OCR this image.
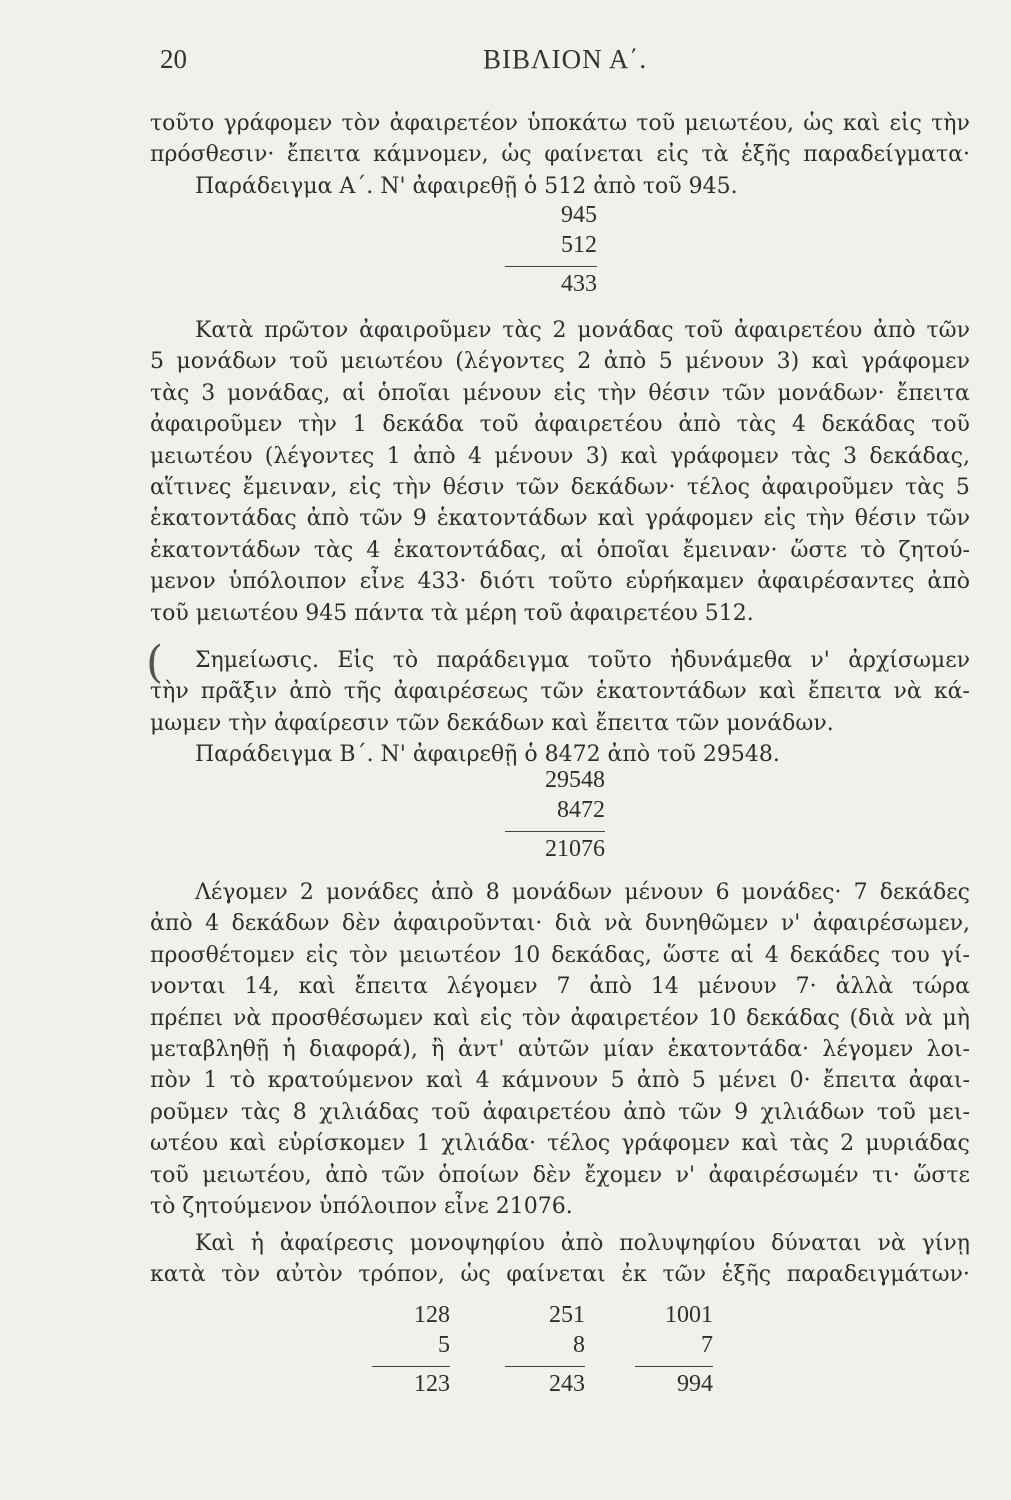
20	ΒΙΒΛΙΟΝ Α΄.
τοῦτο γράφομεν τὸν ἀφαιρετέον ὑποκάτω τοῦ μειωτέου, ὡς καὶ εἰς τὴν
πρόσθεσιν· ἔπειτα κάμνομεν, ὡς φαίνεται εἰς τὰ ἑξῆς παραδείγματα·
Παράδειγμα Α΄. Ν' ἀφαιρεθῇ ὁ 512 ἀπὸ τοῦ 945.
945
512
433
Κατὰ πρῶτον ἀφαιροῦμεν τὰς 2 μονάδας τοῦ ἀφαιρετέου ἀπὸ τῶν
5 μονάδων τοῦ μειωτέου (λέγοντες 2 ἀπὸ 5 μένουν 3) καὶ γράφομεν
τὰς 3 μονάδας, αἱ ὁποῖαι μένουν εἰς τὴν θέσιν τῶν μονάδων· ἔπειτα
ἀφαιροῦμεν τὴν 1 δεκάδα τοῦ ἀφαιρετέου ἀπὸ τὰς 4 δεκάδας τοῦ
μειωτέου (λέγοντες 1 ἀπὸ 4 μένουν 3) καὶ γράφομεν τὰς 3 δεκάδας,
αἵτινες ἔμειναν, εἰς τὴν θέσιν τῶν δεκάδων· τέλος ἀφαιροῦμεν τὰς 5
ἑκατοντάδας ἀπὸ τῶν 9 ἑκατοντάδων καὶ γράφομεν εἰς τὴν θέσιν τῶν
ἑκατοντάδων τὰς 4 ἑκατοντάδας, αἱ ὁποῖαι ἔμειναν· ὥστε τὸ ζητού-
μενον ὑπόλοιπον εἶνε 433· διότι τοῦτο εὑρήκαμεν ἀφαιρέσαντες ἀπὸ
τοῦ μειωτέου 945 πάντα τὰ μέρη τοῦ ἀφαιρετέου 512.
( Σημείωσις. Εἰς τὸ παράδειγμα τοῦτο ἠδυνάμεθα ν' ἀρχίσωμεν
τὴν πρᾶξιν ἀπὸ τῆς ἀφαιρέσεως τῶν ἑκατοντάδων καὶ ἔπειτα νὰ κά-
μωμεν τὴν ἀφαίρεσιν τῶν δεκάδων καὶ ἔπειτα τῶν μονάδων.
Παράδειγμα Β΄. Ν' ἀφαιρεθῇ ὁ 8472 ἀπὸ τοῦ 29548.
29548
8472
21076
Λέγομεν 2 μονάδες ἀπὸ 8 μονάδων μένουν 6 μονάδες· 7 δεκάδες
ἀπὸ 4 δεκάδων δὲν ἀφαιροῦνται· διὰ νὰ δυνηθῶμεν ν' ἀφαιρέσωμεν,
προσθέτομεν εἰς τὸν μειωτέον 10 δεκάδας, ὥστε αἱ 4 δεκάδες του γί-
νονται 14, καὶ ἔπειτα λέγομεν 7 ἀπὸ 14 μένουν 7· ἀλλὰ τώρα
πρέπει νὰ προσθέσωμεν καὶ εἰς τὸν ἀφαιρετέον 10 δεκάδας (διὰ νὰ μὴ
μεταβληθῇ ἡ διαφορά), ἢ ἀντ' αὐτῶν μίαν ἑκατοντάδα· λέγομεν λοι-
πὸν 1 τὸ κρατούμενον καὶ 4 κάμνουν 5 ἀπὸ 5 μένει 0· ἔπειτα ἀφαι-
ροῦμεν τὰς 8 χιλιάδας τοῦ ἀφαιρετέου ἀπὸ τῶν 9 χιλιάδων τοῦ μει-
ωτέου καὶ εὑρίσκομεν 1 χιλιάδα· τέλος γράφομεν καὶ τὰς 2 μυριάδας
τοῦ μειωτέου, ἀπὸ τῶν ὁποίων δὲν ἔχομεν ν' ἀφαιρέσωμέν τι· ὥστε
τὸ ζητούμενον ὑπόλοιπον εἶνε 21076.
Καὶ ἡ ἀφαίρεσις μονοψηφίου ἀπὸ πολυψηφίου δύναται νὰ γίνῃ
κατὰ τὸν αὐτὸν τρόπον, ὡς φαίνεται ἐκ τῶν ἑξῆς παραδειγμάτων·
128
5
123
251
8
243
1001
7
994
